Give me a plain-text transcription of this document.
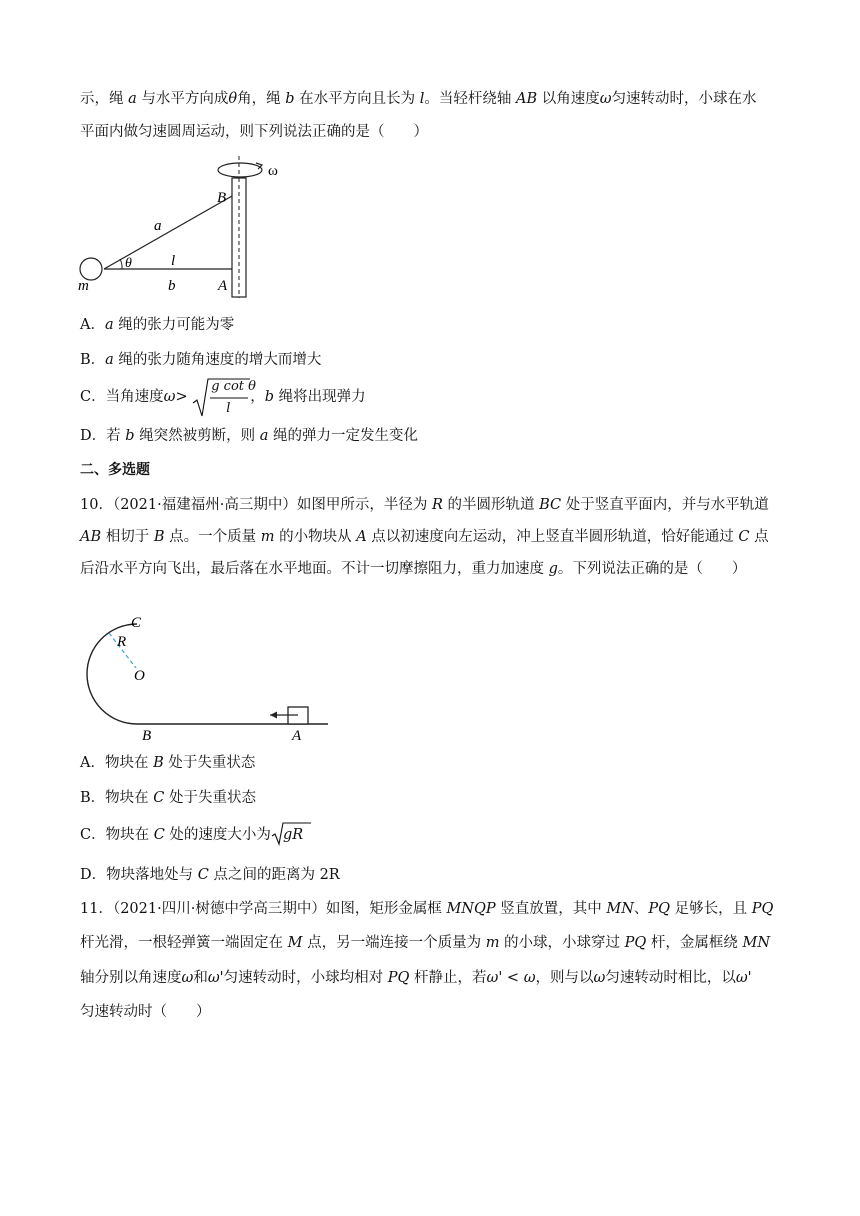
示，绳 a 与水平方向成θ角，绳 b 在水平方向且长为 l。当轻杆绕轴 AB 以角速度ω匀速转动时，小球在水
平面内做匀速圆周运动，则下列说法正确的是（　　）
ω
B
a
θ	l
m	b	A
A．a 绳的张力可能为零
B．a 绳的张力随角速度的增大而增大
C．当角速度ω>
g cot θ
l
，b 绳将出现弹力
D．若 b 绳突然被剪断，则 a 绳的弹力一定发生变化
二、多选题
10．（2021·福建福州·高三期中）如图甲所示，半径为 R 的半圆形轨道 BC 处于竖直平面内，并与水平轨道
AB 相切于 B 点。一个质量 m 的小物块从 A 点以初速度向左运动，冲上竖直半圆形轨道，恰好能通过 C 点
后沿水平方向飞出，最后落在水平地面。不计一切摩擦阻力，重力加速度 g。下列说法正确的是（　　）
C
R
O
B	A
A．物块在 B 处于失重状态
B．物块在 C 处于失重状态
C．物块在 C 处的速度大小为 gR
D．物块落地处与 C 点之间的距离为 2R
11．（2021·四川·树德中学高三期中）如图，矩形金属框 MNQP 竖直放置，其中 MN、PQ 足够长，且 PQ
杆光滑，一根轻弹簧一端固定在 M 点，另一端连接一个质量为 m 的小球，小球穿过 PQ 杆，金属框绕 MN
轴分别以角速度ω和ω'匀速转动时，小球均相对 PQ 杆静止，若ω' < ω，则与以ω匀速转动时相比，以ω'
匀速转动时（　　）
